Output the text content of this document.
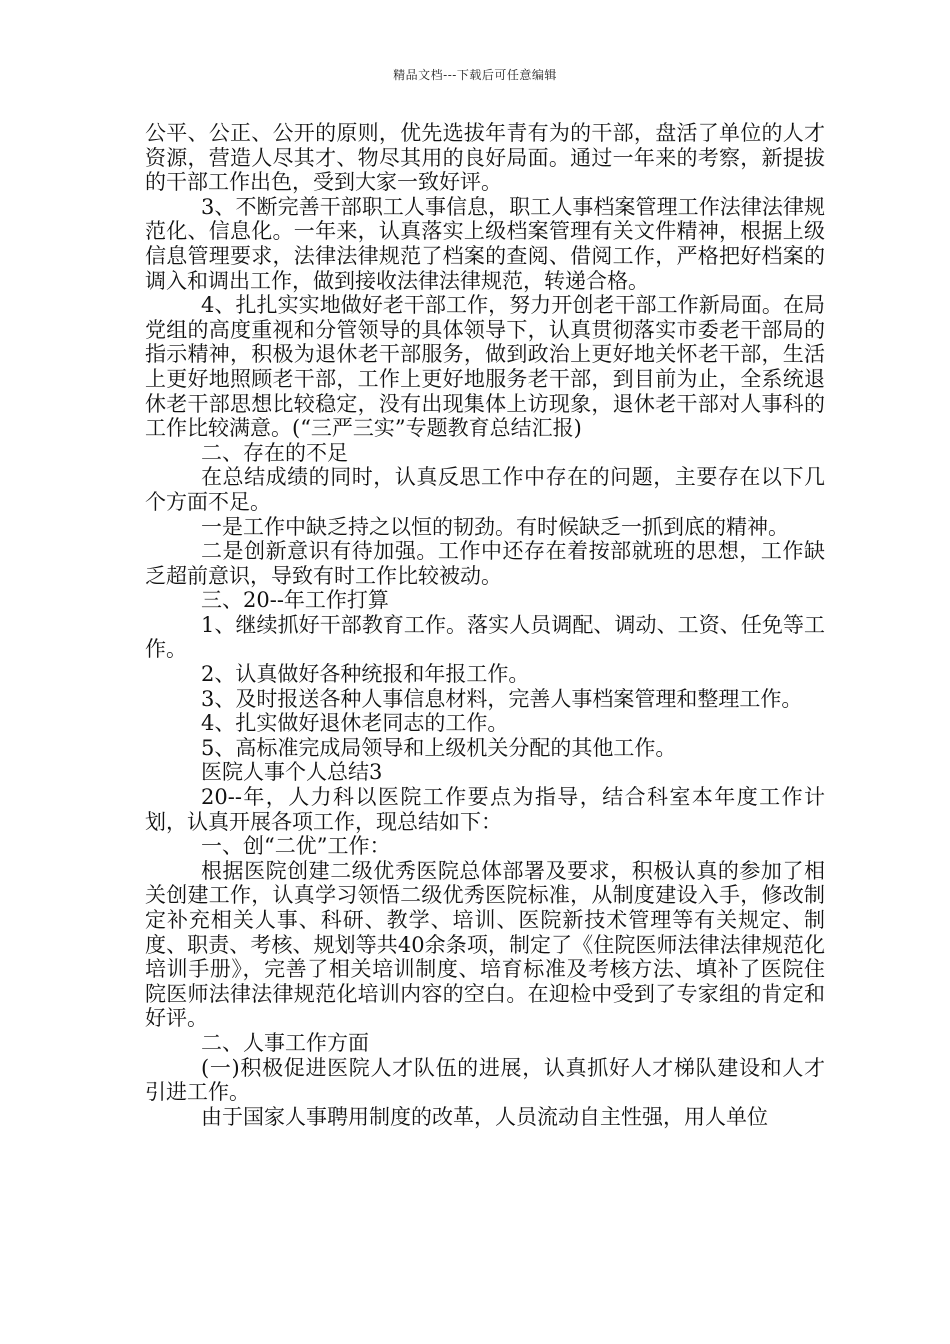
精品文档---下载后可任意编辑

公平、公正、公开的原则，优先选拔年青有为的干部，盘活了单位的人才资源，营造人尽其才、物尽其用的良好局面。通过一年来的考察，新提拔的干部工作出色，受到大家一致好评。

3、不断完善干部职工人事信息，职工人事档案管理工作法律法律规范化、信息化。一年来，认真落实上级档案管理有关文件精神，根据上级信息管理要求，法律法律规范了档案的查阅、借阅工作，严格把好档案的调入和调出工作，做到接收法律法律规范，转递合格。

4、扎扎实实地做好老干部工作，努力开创老干部工作新局面。在局党组的高度重视和分管领导的具体领导下，认真贯彻落实市委老干部局的指示精神，积极为退休老干部服务，做到政治上更好地关怀老干部，生活上更好地照顾老干部，工作上更好地服务老干部，到目前为止，全系统退休老干部思想比较稳定，没有出现集体上访现象，退休老干部对人事科的工作比较满意。(“三严三实”专题教育总结汇报)

二、存在的不足

在总结成绩的同时，认真反思工作中存在的问题，主要存在以下几个方面不足。

一是工作中缺乏持之以恒的韧劲。有时候缺乏一抓到底的精神。

二是创新意识有待加强。工作中还存在着按部就班的思想，工作缺乏超前意识，导致有时工作比较被动。

三、20--年工作打算

1、继续抓好干部教育工作。落实人员调配、调动、工资、任免等工作。

2、认真做好各种统报和年报工作。

3、及时报送各种人事信息材料，完善人事档案管理和整理工作。

4、扎实做好退休老同志的工作。

5、高标准完成局领导和上级机关分配的其他工作。

医院人事个人总结3

20--年，人力科以医院工作要点为指导，结合科室本年度工作计划，认真开展各项工作，现总结如下：

一、创“二优”工作：

根据医院创建二级优秀医院总体部署及要求，积极认真的参加了相关创建工作，认真学习领悟二级优秀医院标准，从制度建设入手，修改制定补充相关人事、科研、教学、培训、医院新技术管理等有关规定、制度、职责、考核、规划等共40余条项，制定了《住院医师法律法律规范化培训手册》，完善了相关培训制度、培育标准及考核方法、填补了医院住院医师法律法律规范化培训内容的空白。在迎检中受到了专家组的肯定和好评。

二、人事工作方面

(一)积极促进医院人才队伍的进展，认真抓好人才梯队建设和人才引进工作。

由于国家人事聘用制度的改革，人员流动自主性强，用人单位
